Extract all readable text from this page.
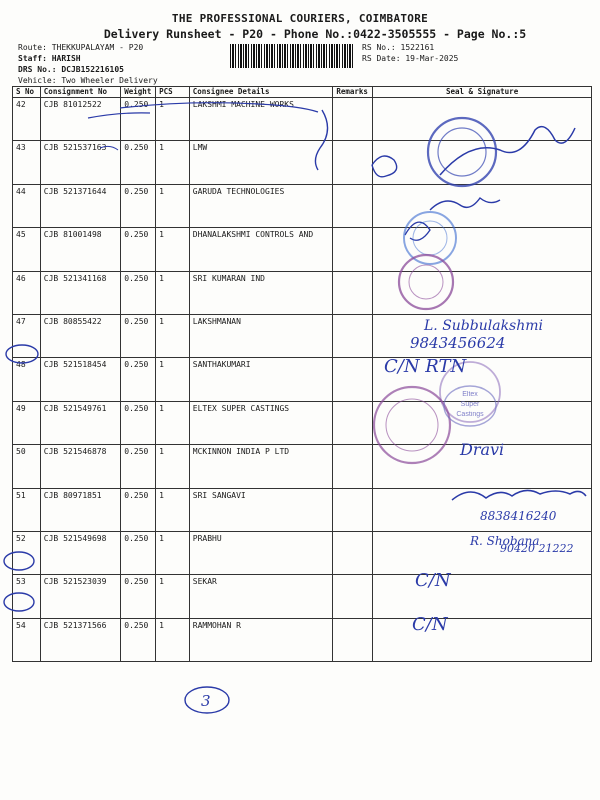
THE PROFESSIONAL COURIERS, COIMBATORE
Delivery Runsheet - P20 - Phone No.:0422-3505555 - Page No.:5
Route: THEKKUPALAYAM - P20
Staff: HARISH
DRS No.: DCJB152216105
Vehicle: Two Wheeler Delivery
RS No.: 1522161
RS Date: 19-Mar-2025
S No	Consignment No	Weight	PCS	Consignee Details	Remarks	Seal & Signature
42	CJB 81012522	0.250	1	LAKSHMI MACHINE WORKS		
43	CJB 521537163	0.250	1	LMW		
44	CJB 521371644	0.250	1	GARUDA TECHNOLOGIES		
45	CJB 81001498	0.250	1	DHANALAKSHMI CONTROLS AND		
46	CJB 521341168	0.250	1	SRI KUMARAN IND		
47	CJB 80855422	0.250	1	LAKSHMANAN		
48	CJB 521518454	0.250	1	SANTHAKUMARI		
49	CJB 521549761	0.250	1	ELTEX SUPER CASTINGS		
50	CJB 521546878	0.250	1	MCKINNON INDIA P LTD		
51	CJB 80971851	0.250	1	SRI SANGAVI		
52	CJB 521549698	0.250	1	PRABHU		
53	CJB 521523039	0.250	1	SEKAR		
54	CJB 521371566	0.250	1	RAMMOHAN R		
Eltex
Super
Castings
L. Subbulakshmi
9843456624
C/N RTN
Dravi
8838416240
R. Shobana
90420 21222
C/N
C/N
3
